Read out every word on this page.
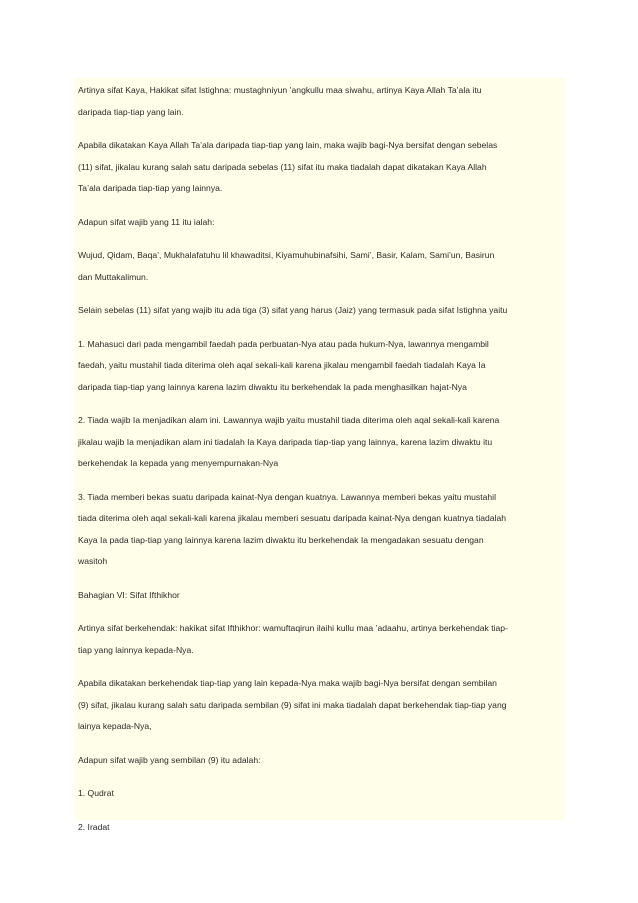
Artinya sifat Kaya, Hakikat sifat Istighna: mustaghniyun ’angkullu maa siwahu, artinya Kaya Allah Ta’ala itu
daripada tiap-tiap yang lain.

Apabila dikatakan Kaya Allah Ta’ala daripada tiap-tiap yang lain, maka wajib bagi-Nya bersifat dengan sebelas
(11) sifat, jikalau kurang salah satu daripada sebelas (11) sifat itu maka tiadalah dapat dikatakan Kaya Allah
Ta’ala daripada tiap-tiap yang lainnya.

Adapun sifat wajib yang 11 itu ialah:

Wujud, Qidam, Baqa’, Mukhalafatuhu lil khawaditsi, Kiyamuhubinafsihi, Sami’, Basir, Kalam, Sami’un, Basirun
dan Muttakalimun.

Selain sebelas (11) sifat yang wajib itu ada tiga (3) sifat yang harus (Jaiz) yang termasuk pada sifat Istighna yaitu

1. Mahasuci dari pada mengambil faedah pada perbuatan-Nya atau pada hukum-Nya, lawannya mengambil
faedah, yaitu mustahil tiada diterima oleh aqal sekali-kali karena jikalau mengambil faedah tiadalah Kaya Ia
daripada tiap-tiap yang lainnya karena lazim diwaktu itu berkehendak Ia pada menghasilkan hajat-Nya

2. Tiada wajib Ia menjadikan alam ini. Lawannya wajib yaitu mustahil tiada diterima oleh aqal sekali-kali karena
jikalau wajib Ia menjadikan alam ini tiadalah Ia Kaya daripada tiap-tiap yang lainnya, karena lazim diwaktu itu
berkehendak Ia kepada yang menyempurnakan-Nya

3. Tiada memberi bekas suatu daripada kainat-Nya dengan kuatnya. Lawannya memberi bekas yaitu mustahil
tiada diterima oleh aqal sekali-kali karena jikalau memberi sesuatu daripada kainat-Nya dengan kuatnya tiadalah
Kaya Ia pada tiap-tiap yang lainnya karena lazim diwaktu itu berkehendak Ia mengadakan sesuatu dengan
wasitoh

Bahagian VI: Sifat Ifthikhor

Artinya sifat berkehendak: hakikat sifat Ifthikhor: wamuftaqirun ilaihi kullu maa ’adaahu, artinya berkehendak tiap-
tiap yang lainnya kepada-Nya.

Apabila dikatakan berkehendak tiap-tiap yang lain kepada-Nya maka wajib bagi-Nya bersifat dengan sembilan
(9) sifat, jikalau kurang salah satu daripada sembilan (9) sifat ini maka tiadalah dapat berkehendak tiap-tiap yang
lainya kepada-Nya,

Adapun sifat wajib yang sembilan (9) itu adalah:

1. Qudrat

2. Iradat
